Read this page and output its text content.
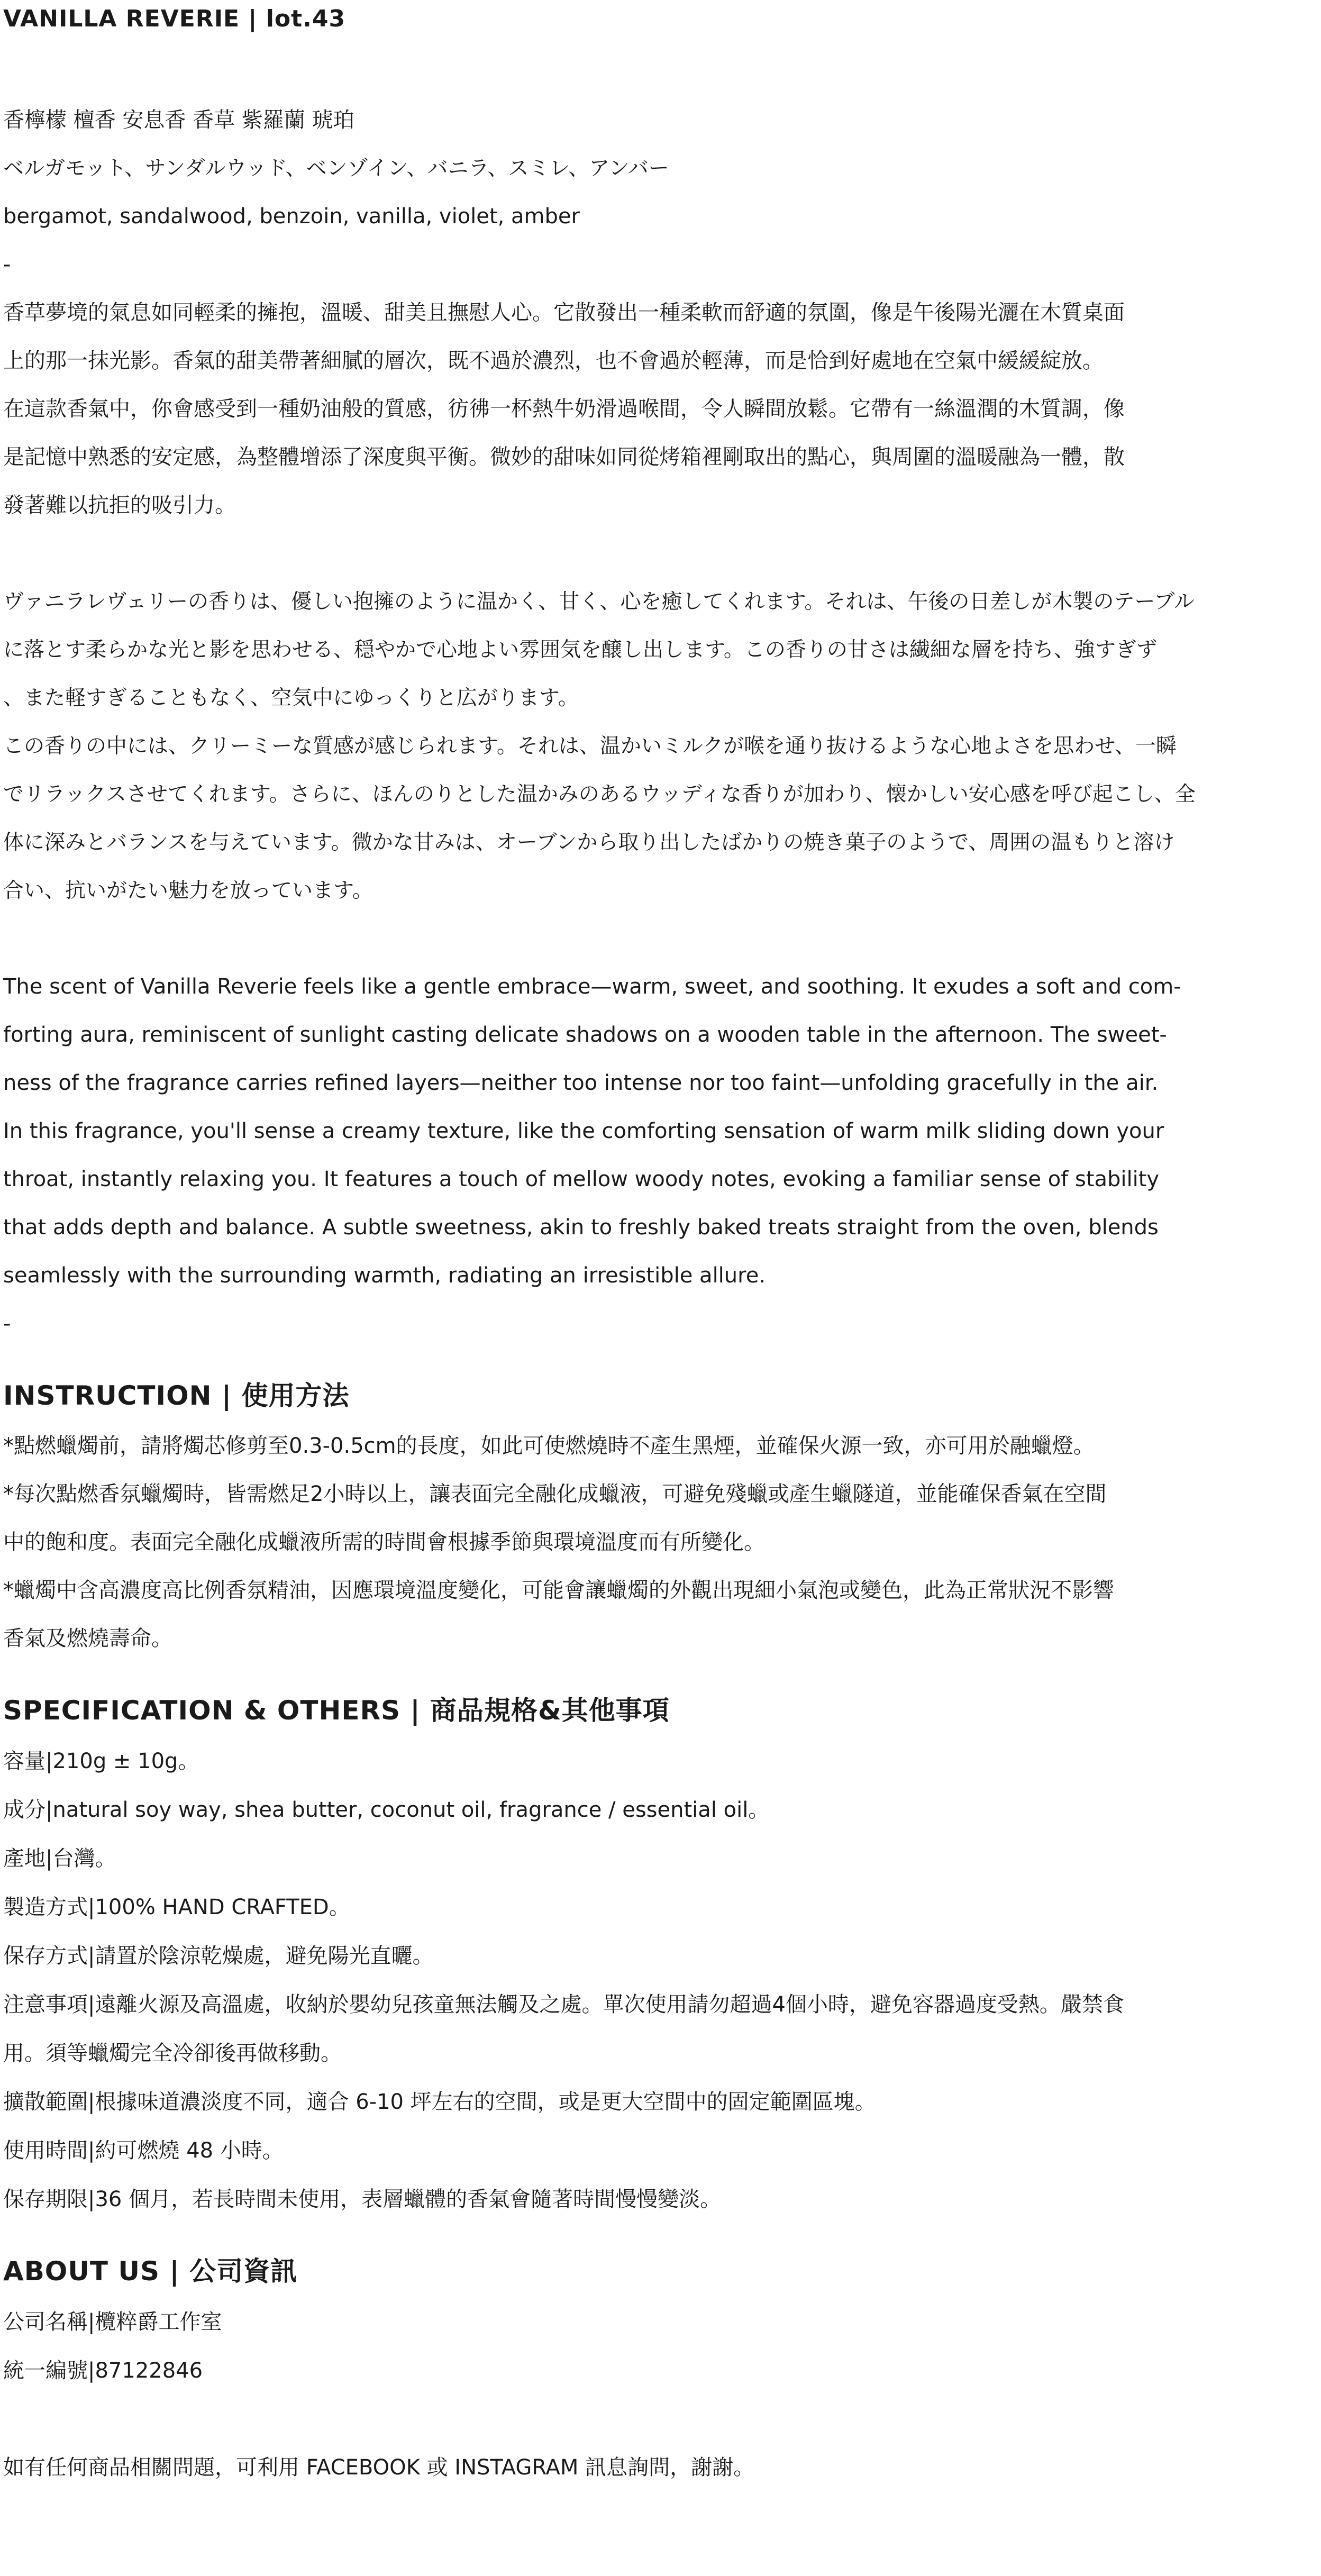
VANILLA REVERIE | lot.43

香檸檬 檀香 安息香 香草 紫羅蘭 琥珀

ベルガモット、サンダルウッド、ベンゾイン、バニラ、スミレ、アンバー

bergamot, sandalwood, benzoin, vanilla, violet, amber

-

香草夢境的氣息如同輕柔的擁抱，溫暖、甜美且撫慰人心。它散發出一種柔軟而舒適的氛圍，像是午後陽光灑在木質桌面

上的那一抹光影。香氣的甜美帶著細膩的層次，既不過於濃烈，也不會過於輕薄，而是恰到好處地在空氣中緩緩綻放。

在這款香氣中，你會感受到一種奶油般的質感，彷彿一杯熱牛奶滑過喉間，令人瞬間放鬆。它帶有一絲溫潤的木質調，像

是記憶中熟悉的安定感，為整體增添了深度與平衡。微妙的甜味如同從烤箱裡剛取出的點心，與周圍的溫暖融為一體，散

發著難以抗拒的吸引力。

ヴァニラレヴェリーの香りは、優しい抱擁のように温かく、甘く、心を癒してくれます。それは、午後の日差しが木製のテーブル

に落とす柔らかな光と影を思わせる、穏やかで心地よい雰囲気を醸し出します。この香りの甘さは繊細な層を持ち、強すぎず

、また軽すぎることもなく、空気中にゆっくりと広がります。

この香りの中には、クリーミーな質感が感じられます。それは、温かいミルクが喉を通り抜けるような心地よさを思わせ、一瞬

でリラックスさせてくれます。さらに、ほんのりとした温かみのあるウッディな香りが加わり、懐かしい安心感を呼び起こし、全

体に深みとバランスを与えています。微かな甘みは、オーブンから取り出したばかりの焼き菓子のようで、周囲の温もりと溶け

合い、抗いがたい魅力を放っています。

The scent of Vanilla Reverie feels like a gentle embrace—warm, sweet, and soothing. It exudes a soft and com-

forting aura, reminiscent of sunlight casting delicate shadows on a wooden table in the afternoon. The sweet-

ness of the fragrance carries refined layers—neither too intense nor too faint—unfolding gracefully in the air.

In this fragrance, you'll sense a creamy texture, like the comforting sensation of warm milk sliding down your

throat, instantly relaxing you. It features a touch of mellow woody notes, evoking a familiar sense of stability

that adds depth and balance. A subtle sweetness, akin to freshly baked treats straight from the oven, blends

seamlessly with the surrounding warmth, radiating an irresistible allure.

-

INSTRUCTION | 使用方法

*點燃蠟燭前，請將燭芯修剪至0.3-0.5cm的長度，如此可使燃燒時不產生黑煙，並確保火源一致，亦可用於融蠟燈。

*每次點燃香氛蠟燭時，皆需燃足2小時以上，讓表面完全融化成蠟液，可避免殘蠟或產生蠟隧道，並能確保香氣在空間

中的飽和度。表面完全融化成蠟液所需的時間會根據季節與環境溫度而有所變化。

*蠟燭中含高濃度高比例香氛精油，因應環境溫度變化，可能會讓蠟燭的外觀出現細小氣泡或變色，此為正常狀況不影響

香氣及燃燒壽命。

SPECIFICATION & OTHERS | 商品規格&其他事項

容量|210g ± 10g。

成分|natural soy way, shea butter, coconut oil, fragrance / essential oil。

產地|台灣。

製造方式|100% HAND CRAFTED。

保存方式|請置於陰涼乾燥處，避免陽光直曬。

注意事項|遠離火源及高溫處，收納於嬰幼兒孩童無法觸及之處。單次使用請勿超過4個小時，避免容器過度受熱。嚴禁食

用。須等蠟燭完全冷卻後再做移動。

擴散範圍|根據味道濃淡度不同，適合 6-10 坪左右的空間，或是更大空間中的固定範圍區塊。

使用時間|約可燃燒 48 小時。

保存期限|36 個月，若長時間未使用，表層蠟體的香氣會隨著時間慢慢變淡。

ABOUT US | 公司資訊

公司名稱|欖粹爵工作室

統一編號|87122846

如有任何商品相關問題，可利用 FACEBOOK 或 INSTAGRAM 訊息詢問，謝謝。
